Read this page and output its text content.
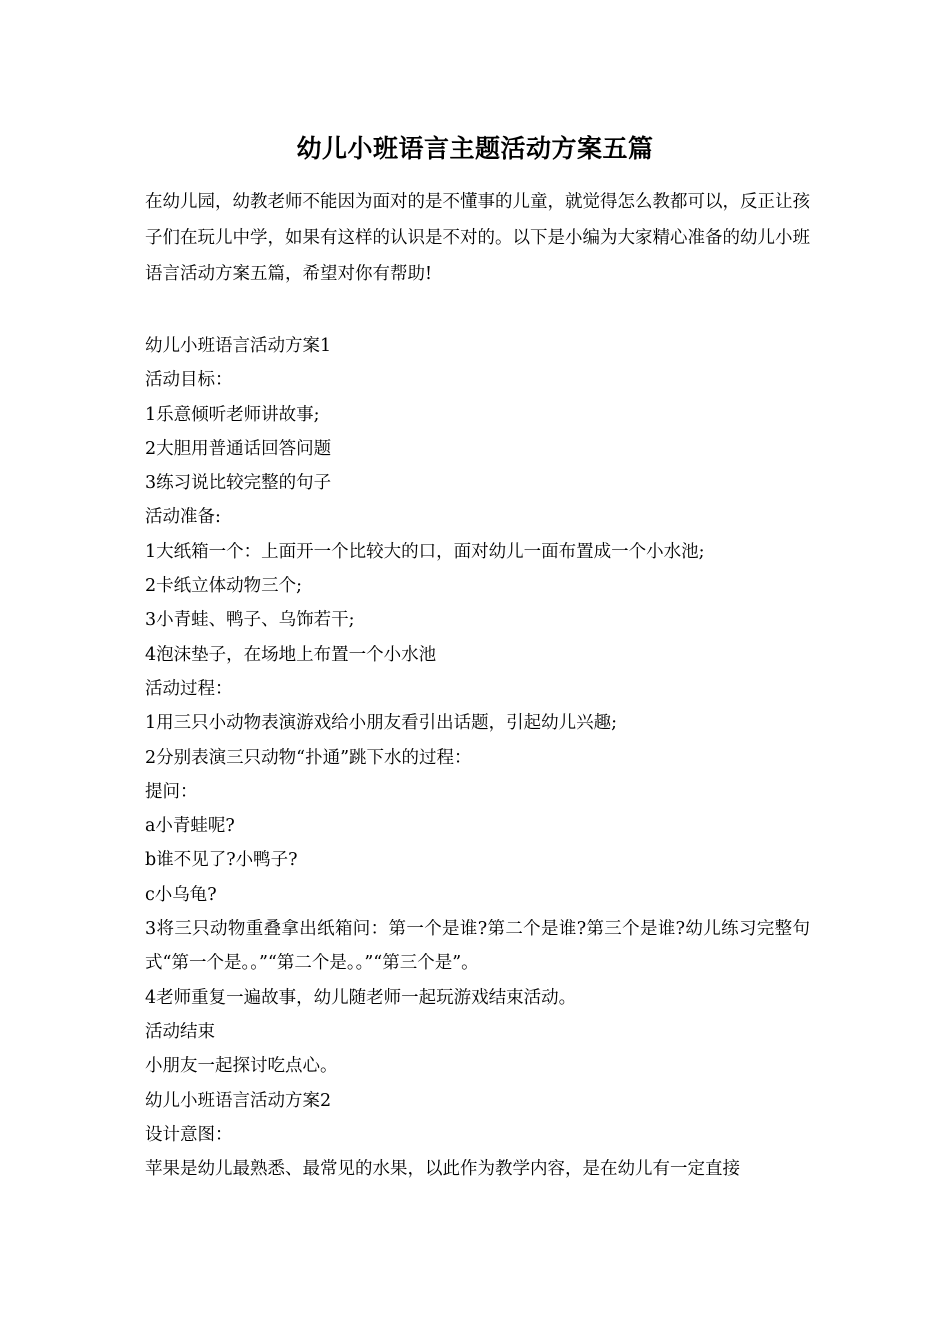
幼儿小班语言主题活动方案五篇
在幼儿园，幼教老师不能因为面对的是不懂事的儿童，就觉得怎么教都可以，反正让孩子们在玩儿中学，如果有这样的认识是不对的。以下是小编为大家精心准备的幼儿小班语言活动方案五篇，希望对你有帮助!
幼儿小班语言活动方案1
活动目标：
1乐意倾听老师讲故事;
2大胆用普通话回答问题
3练习说比较完整的句子
活动准备:
1大纸箱一个：上面开一个比较大的口，面对幼儿一面布置成一个小水池;
2卡纸立体动物三个;
3小青蛙、鸭子、乌饰若干;
4泡沫垫子，在场地上布置一个小水池
活动过程：
1用三只小动物表演游戏给小朋友看引出话题，引起幼儿兴趣;
2分别表演三只动物“扑通”跳下水的过程：
提问：
a小青蛙呢?
b谁不见了?小鸭子?
c小乌龟?
3将三只动物重叠拿出纸箱问：第一个是谁?第二个是谁?第三个是谁?幼儿练习完整句式“第一个是。。”“第二个是。。”“第三个是”。
4老师重复一遍故事，幼儿随老师一起玩游戏结束活动。
活动结束
小朋友一起探讨吃点心。
幼儿小班语言活动方案2
设计意图：
苹果是幼儿最熟悉、最常见的水果，以此作为教学内容，是在幼儿有一定直接
